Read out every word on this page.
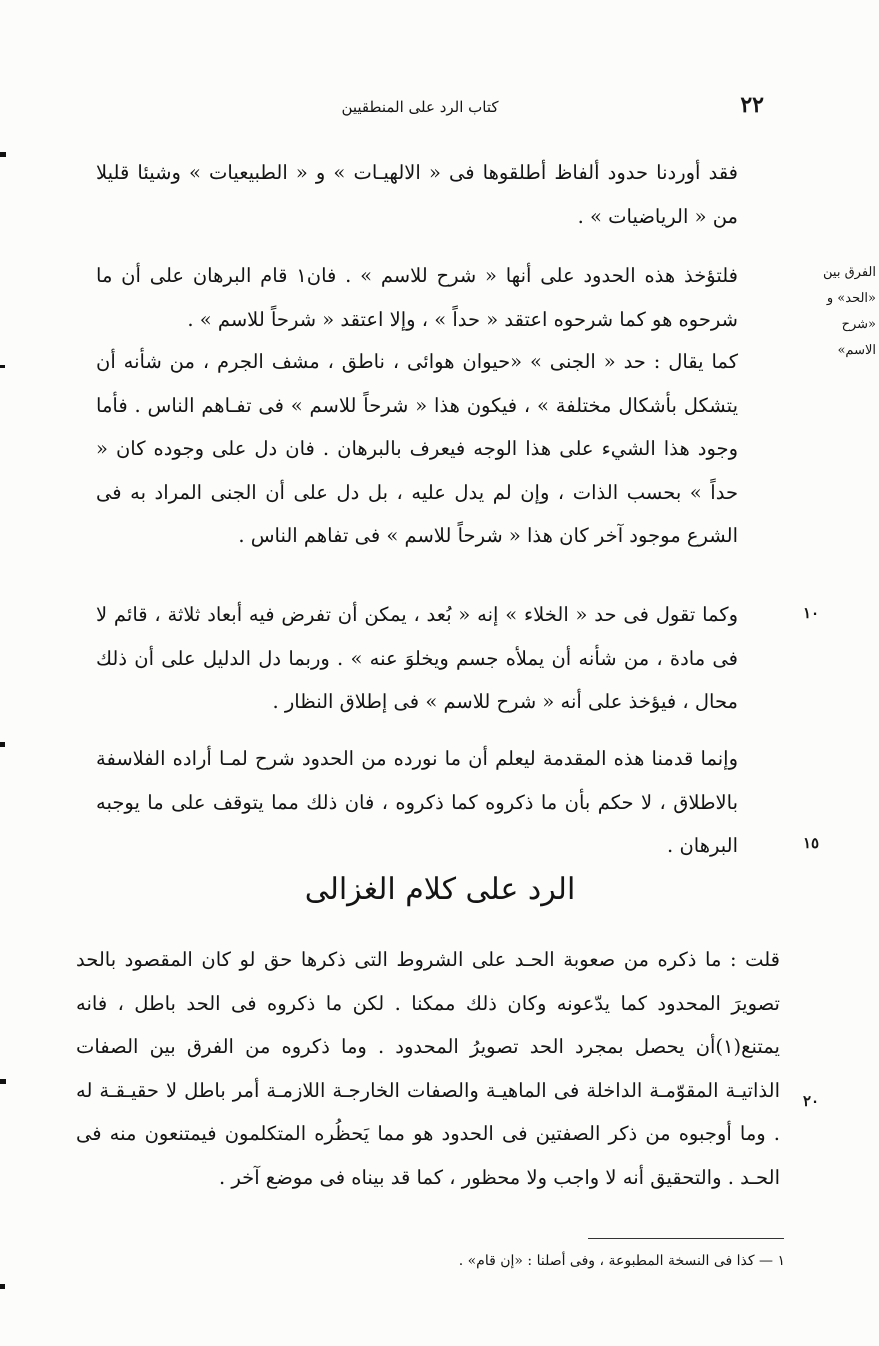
٢٢
كتاب الرد على المنطقيين

فقد أوردنا حدود ألفاظ أطلقوها فى « الالهيـات » و « الطبيعيات » وشيئا قليلا من « الرياضيات » .

فلتؤخذ هذه الحدود على أنها « شرح للاسم » . فان١ قام البرهان على أن ما شرحوه هو كما شرحوه اعتقد « حداً » ، وإلا اعتقد « شرحاً للاسم » .

الفرق بين
«الحد» و
«شرح الاسم»

كما يقال : حد « الجنى » «حيوان هوائى ، ناطق ، مشف الجرم ، من شأنه أن يتشكل بأشكال مختلفة » ، فيكون هذا « شرحاً للاسم » فى تفـاهم الناس . فأما وجود هذا الشيء على هذا الوجه فيعرف بالبرهان . فان دل على وجوده كان « حداً » بحسب الذات ، وإن لم يدل عليه ، بل دل على أن الجنى المراد به فى الشرع موجود آخر كان هذا « شرحاً للاسم » فى تفاهم الناس .

وكما تقول فى حد « الخلاء » إنه « بُعد ، يمكن أن تفرض فيه أبعاد ثلاثة ، قائم لا فى مادة ، من شأنه أن يملأه جسم ويخلوَ عنه » . وربما دل الدليل على أن ذلك محال ، فيؤخذ على أنه « شرح للاسم » فى إطلاق النظار .

١٠

وإنما قدمنا هذه المقدمة ليعلم أن ما نورده من الحدود شرح لمـا أراده الفلاسفة بالاطلاق ، لا حكم بأن ما ذكروه كما ذكروه ، فان ذلك مما يتوقف على ما يوجبه البرهان .	١٥
الرد على كلام الغزالى

قلت : ما ذكره من صعوبة الحـد على الشروط التى ذكرها حق لو كان المقصود بالحد تصويرَ المحدود كما يدّعونه وكان ذلك ممكنا . لكن ما ذكروه فى الحد باطل ، فانه يمتنع(١)أن يحصل بمجرد الحد تصويرُ المحدود . وما ذكروه من الفرق بين الصفات الذاتيـة المقوّمـة الداخلة فى الماهيـة والصفات الخارجـة اللازمـة أمر باطل لا حقيـقـة له . وما أوجبوه من ذكر الصفتين فى الحدود هو مما يَحظُره المتكلمون فيمتنعون منه فى الحـد . والتحقيق أنه لا واجب ولا محظور ، كما قد بيناه فى موضع آخر .

٢٠
١ — كذا فى النسخة المطبوعة ، وفى أصلنا : «إن قام» .
